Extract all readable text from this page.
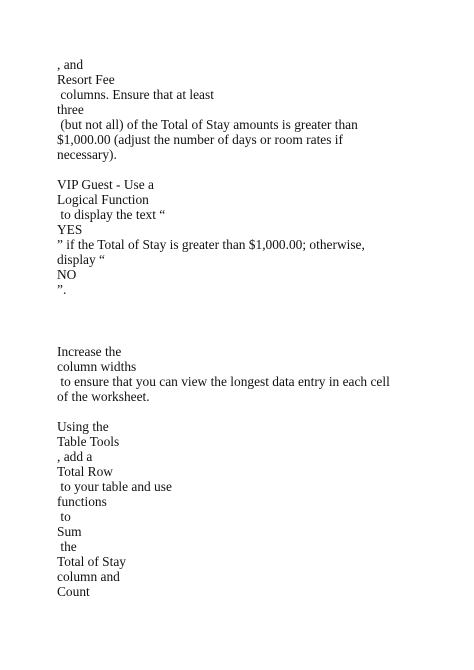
, and

Resort Fee

columns. Ensure that at least

three

(but not all) of the Total of Stay amounts is greater than

$1,000.00 (adjust the number of days or room rates if

necessary).

VIP Guest - Use a

Logical Function

to display the text “

YES

” if the Total of Stay is greater than $1,000.00; otherwise,

display “

NO

”.

Increase the

column widths

to ensure that you can view the longest data entry in each cell

of the worksheet.

Using the

Table Tools

, add a

Total Row

to your table and use

functions

to

Sum

the

Total of Stay

column and

Count
